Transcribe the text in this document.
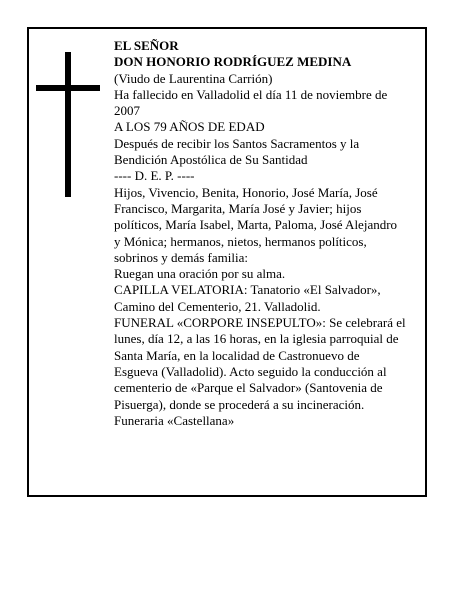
EL SEÑOR
DON HONORIO RODRÍGUEZ MEDINA
(Viudo de Laurentina Carrión)
Ha fallecido en Valladolid el día 11 de noviembre de
2007
A LOS 79 AÑOS DE EDAD
Después de recibir los Santos Sacramentos y la
Bendición Apostólica de Su Santidad
---- D. E. P. ----
Hijos, Vivencio, Benita, Honorio, José María, José
Francisco, Margarita, María José y Javier; hijos
políticos, María Isabel, Marta, Paloma, José Alejandro
y Mónica; hermanos, nietos, hermanos políticos,
sobrinos y demás familia:
Ruegan una oración por su alma.
CAPILLA VELATORIA: Tanatorio «El Salvador»,
Camino del Cementerio, 21. Valladolid.
FUNERAL «CORPORE INSEPULTO»: Se celebrará el
lunes, día 12, a las 16 horas, en la iglesia parroquial de
Santa María, en la localidad de Castronuevo de
Esgueva (Valladolid). Acto seguido la conducción al
cementerio de «Parque el Salvador» (Santovenia de
Pisuerga), donde se procederá a su incineración.
Funeraria «Castellana»
